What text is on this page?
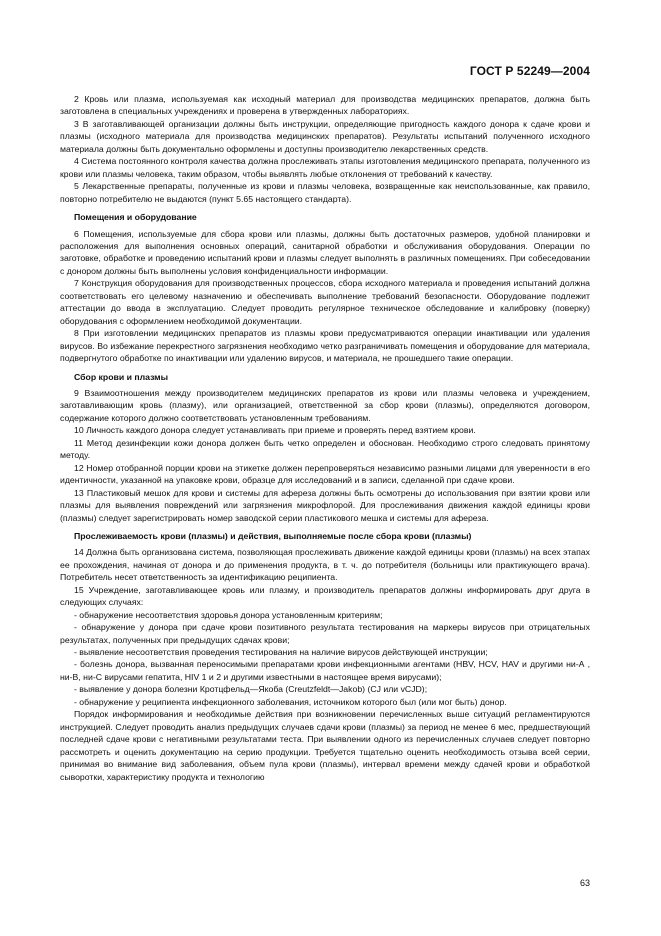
ГОСТ Р 52249—2004

2 Кровь или плазма, используемая как исходный материал для производства медицинских препаратов, должна быть заготовлена в специальных учреждениях и проверена в утвержденных лабораториях.

3 В заготавливающей организации должны быть инструкции, определяющие пригодность каждого донора к сдаче крови и плазмы (исходного материала для производства медицинских препаратов). Результаты испытаний полученного исходного материала должны быть документально оформлены и доступны производителю лекарственных средств.

4 Система постоянного контроля качества должна прослеживать этапы изготовления медицинского препарата, полученного из крови или плазмы человека, таким образом, чтобы выявлять любые отклонения от требований к качеству.

5 Лекарственные препараты, полученные из крови и плазмы человека, возвращенные как неиспользованные, как правило, повторно потребителю не выдаются (пункт 5.65 настоящего стандарта).

Помещения и оборудование

6 Помещения, используемые для сбора крови или плазмы, должны быть достаточных размеров, удобной планировки и расположения для выполнения основных операций, санитарной обработки и обслуживания оборудования. Операции по заготовке, обработке и проведению испытаний крови и плазмы следует выполнять в различных помещениях. При собеседовании с донором должны быть выполнены условия конфиденциальности информации.

7 Конструкция оборудования для производственных процессов, сбора исходного материала и проведения испытаний должна соответствовать его целевому назначению и обеспечивать выполнение требований безопасности. Оборудование подлежит аттестации до ввода в эксплуатацию. Следует проводить регулярное техническое обследование и калибровку (поверку) оборудования с оформлением необходимой документации.

8 При изготовлении медицинских препаратов из плазмы крови предусматриваются операции инактивации или удаления вирусов. Во избежание перекрестного загрязнения необходимо четко разграничивать помещения и оборудование для материала, подвергнутого обработке по инактивации или удалению вирусов, и материала, не прошедшего такие операции.

Сбор крови и плазмы

9 Взаимоотношения между производителем медицинских препаратов из крови или плазмы человека и учреждением, заготавливающим кровь (плазму), или организацией, ответственной за сбор крови (плазмы), определяются договором, содержание которого должно соответствовать установленным требованиям.

10 Личность каждого донора следует устанавливать при приеме и проверять перед взятием крови.

11 Метод дезинфекции кожи донора должен быть четко определен и обоснован. Необходимо строго следовать принятому методу.

12 Номер отобранной порции крови на этикетке должен перепроверяться независимо разными лицами для уверенности в его идентичности, указанной на упаковке крови, образце для исследований и в записи, сделанной при сдаче крови.

13 Пластиковый мешок для крови и системы для афереза должны быть осмотрены до использования при взятии крови или плазмы для выявления повреждений или загрязнения микрофлорой. Для прослеживания движения каждой единицы крови (плазмы) следует зарегистрировать номер заводской серии пластикового мешка и системы для афереза.

Прослеживаемость крови (плазмы) и действия, выполняемые после сбора крови (плазмы)

14 Должна быть организована система, позволяющая прослеживать движение каждой единицы крови (плазмы) на всех этапах ее прохождения, начиная от донора и до применения продукта, в т. ч. до потребителя (больницы или практикующего врача). Потребитель несет ответственность за идентификацию реципиента.

15 Учреждение, заготавливающее кровь или плазму, и производитель препаратов должны информировать друг друга в следующих случаях:

- обнаружение несоответствия здоровья донора установленным критериям;

- обнаружение у донора при сдаче крови позитивного результата тестирования на маркеры вирусов при отрицательных результатах, полученных при предыдущих сдачах крови;

- выявление несоответствия проведения тестирования на наличие вирусов действующей инструкции;

- болезнь донора, вызванная переносимыми препаратами крови инфекционными агентами (HBV, HCV, HAV и другими ни-А , ни-В, ни-С вирусами гепатита, HIV 1 и 2 и другими известными в настоящее время вирусами);

- выявление у донора болезни Кротцфельд—Якоба (Creutzfeldt—Jakob) (CJ или vCJD);

- обнаружение у реципиента инфекционного заболевания, источником которого был (или мог быть) донор.

Порядок информирования и необходимые действия при возникновении перечисленных выше ситуаций регламентируются инструкцией. Следует проводить анализ предыдущих случаев сдачи крови (плазмы) за период не менее 6 мес, предшествующий последней сдаче крови с негативными результатами теста. При выявлении одного из перечисленных случаев следует повторно рассмотреть и оценить документацию на серию продукции. Требуется тщательно оценить необходимость отзыва всей серии, принимая во внимание вид заболевания, объем пула крови (плазмы), интервал времени между сдачей крови и обработкой сыворотки, характеристику продукта и технологию

63
